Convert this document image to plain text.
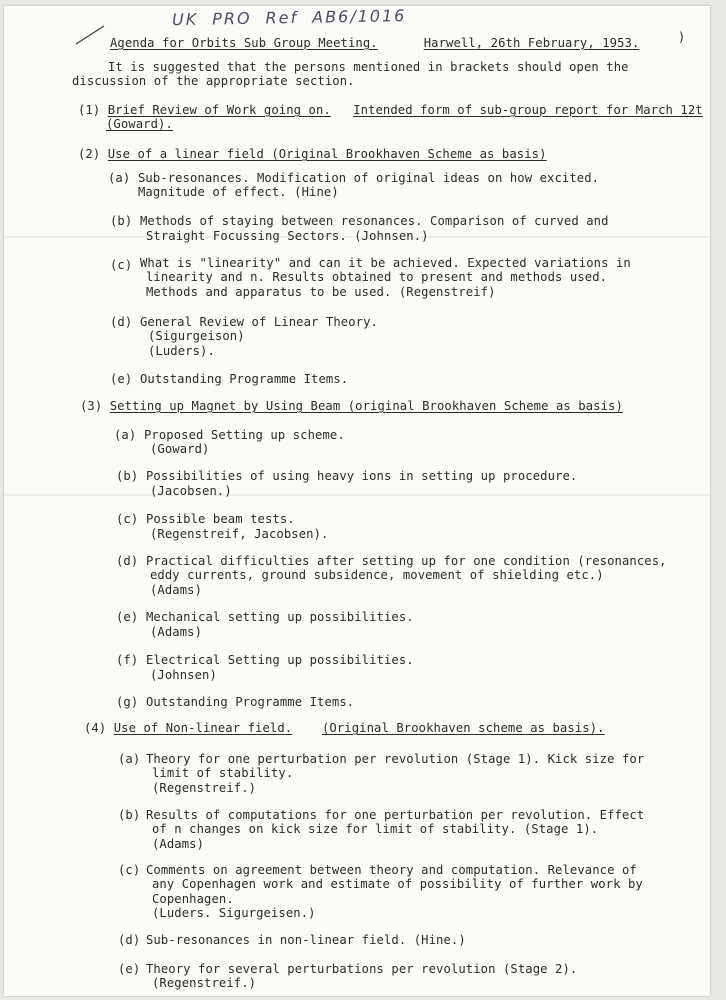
UK PRO Ref AB6/1016
Agenda for Orbits Sub Group Meeting.	Harwell, 26th February, 1953.	)
It is suggested that the persons mentioned in brackets should open the
discussion of the appropriate section.
(1) Brief Review of Work going on. Intended form of sub-group report for March 12t
(Goward).
(2) Use of a linear field (Original Brookhaven Scheme as basis)
(a) Sub-resonances. Modification of original ideas on how excited.
Magnitude of effect. (Hine)
(b) Methods of staying between resonances. Comparison of curved and
Straight Focussing Sectors. (Johnsen.)
(c) What is "linearity" and can it be achieved. Expected variations in
linearity and n. Results obtained to present and methods used.
Methods and apparatus to be used. (Regenstreif)
(d) General Review of Linear Theory.
(Sigurgeison)
(Luders).
(e) Outstanding Programme Items.
(3) Setting up Magnet by Using Beam (original Brookhaven Scheme as basis)
(a) Proposed Setting up scheme.
(Goward)
(b) Possibilities of using heavy ions in setting up procedure.
(Jacobsen.)
(c) Possible beam tests.
(Regenstreif, Jacobsen).
(d) Practical difficulties after setting up for one condition (resonances,
eddy currents, ground subsidence, movement of shielding etc.)
(Adams)
(e) Mechanical setting up possibilities.
(Adams)
(f) Electrical Setting up possibilities.
(Johnsen)
(g) Outstanding Programme Items.
(4) Use of Non-linear field. (Original Brookhaven scheme as basis).
(a) Theory for one perturbation per revolution (Stage 1). Kick size for
limit of stability.
(Regenstreif.)
(b) Results of computations for one perturbation per revolution. Effect
of n changes on kick size for limit of stability. (Stage 1).
(Adams)
(c) Comments on agreement between theory and computation. Relevance of
any Copenhagen work and estimate of possibility of further work by
Copenhagen.
(Luders. Sigurgeisen.)
(d) Sub-resonances in non-linear field. (Hine.)
(e) Theory for several perturbations per revolution (Stage 2).
(Regenstreif.)
